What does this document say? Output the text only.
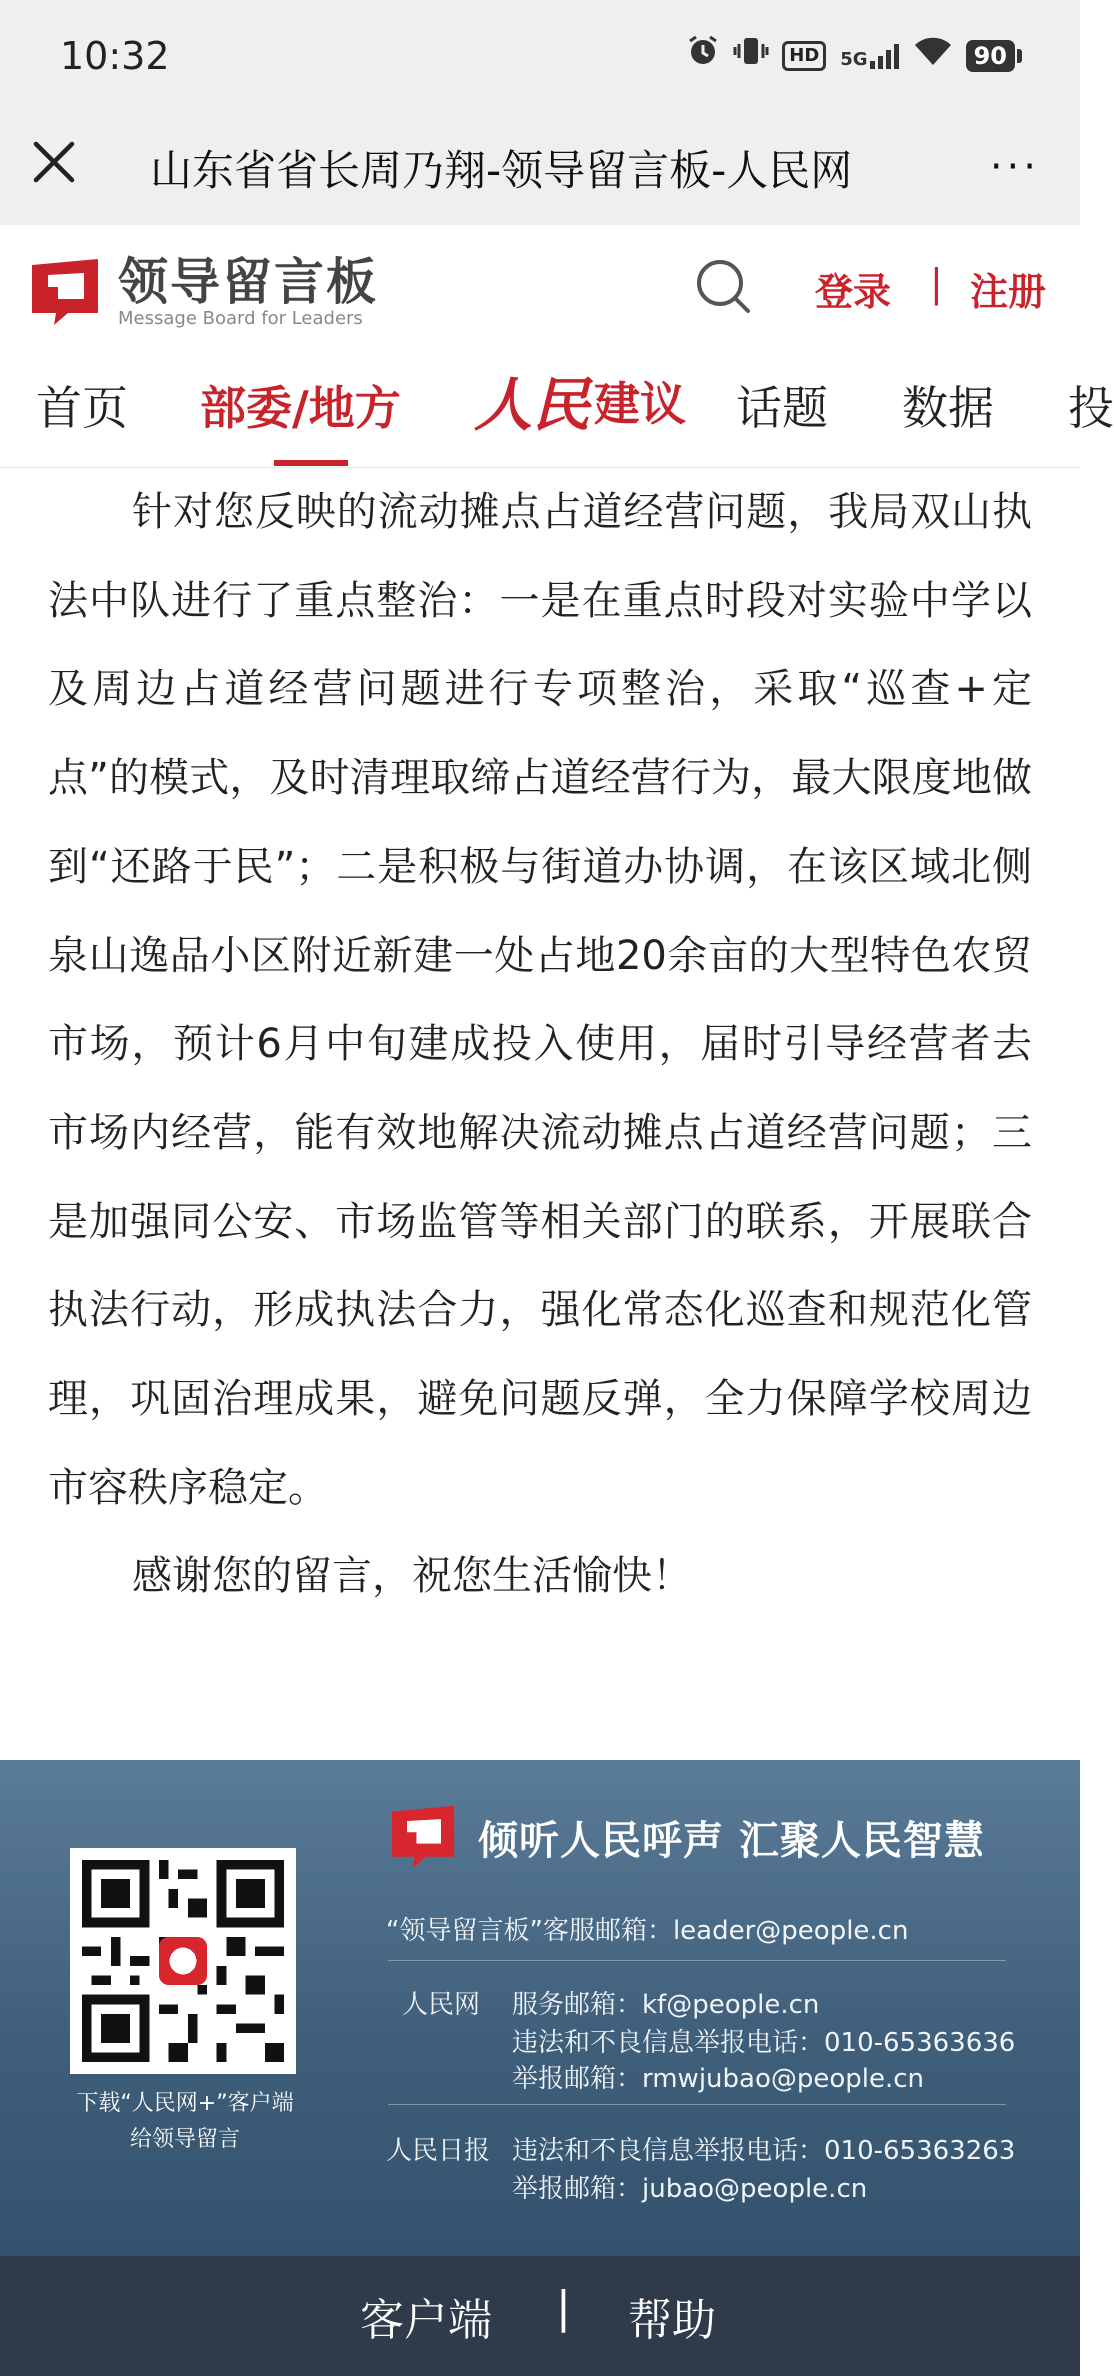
10:32	HD	5G	90
山东省省长周乃翔-领导留言板-人民网	···
领导留言板
Message Board for Leaders
登录 | 注册
首页 部委/地方 人民 建议 话题 数据 投

针对您反映的流动摊点占道经营问题，我局双山执法中队进行了重点整治：一是在重点时段对实验中学以及周边占道经营问题进行专项整治，采取“巡查+定点”的模式，及时清理取缔占道经营行为，最大限度地做到“还路于民”；二是积极与街道办协调，在该区域北侧泉山逸品小区附近新建一处占地20余亩的大型特色农贸市场，预计6月中旬建成投入使用，届时引导经营者去市场内经营，能有效地解决流动摊点占道经营问题；三是加强同公安、市场监管等相关部门的联系，开展联合执法行动，形成执法合力，强化常态化巡查和规范化管理，巩固治理成果，避免问题反弹，全力保障学校周边市容秩序稳定。

感谢您的留言，祝您生活愉快！

下载“人民网+”客户端
给领导留言
倾听人民呼声 汇聚人民智慧
“领导留言板”客服邮箱：leader@people.cn
人民网 服务邮箱：kf@people.cn
违法和不良信息举报电话：010-65363636
举报邮箱：rmwjubao@people.cn
人民日报 违法和不良信息举报电话：010-65363263
举报邮箱：jubao@people.cn
客户端 | 帮助
